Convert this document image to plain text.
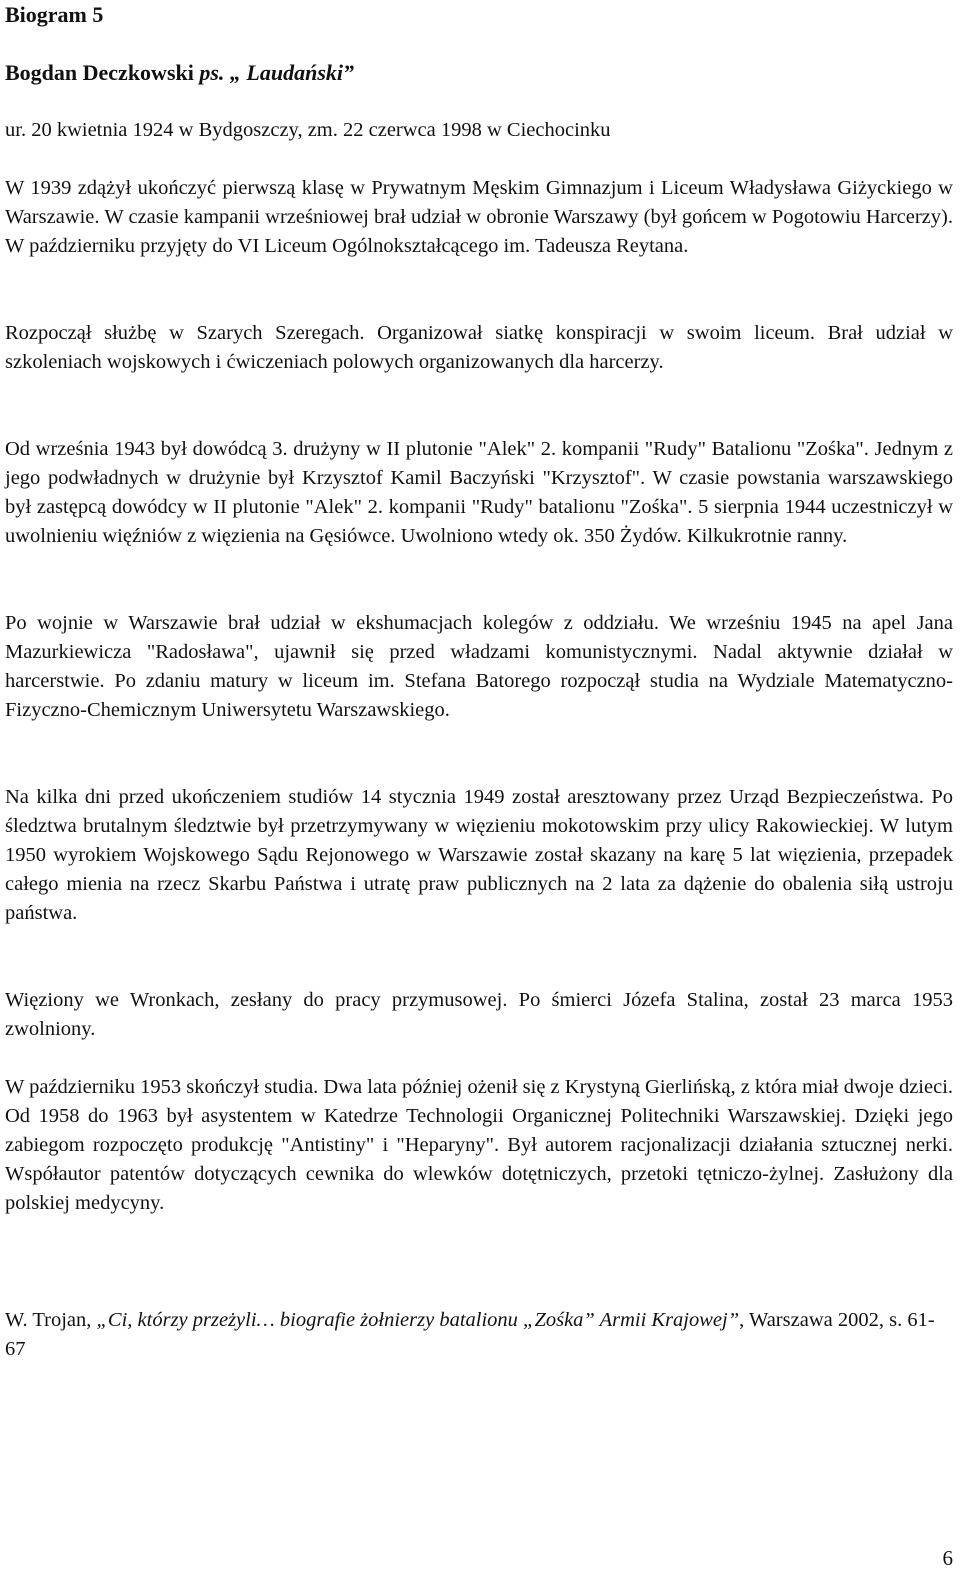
Biogram 5
Bogdan Deczkowski ps. „ Laudański”

ur. 20 kwietnia 1924 w Bydgoszczy, zm. 22 czerwca 1998 w Ciechocinku

W 1939 zdążył ukończyć pierwszą klasę w Prywatnym Męskim Gimnazjum i Liceum Władysława Giżyckiego w Warszawie. W czasie kampanii wrześniowej brał udział w obronie Warszawy (był gońcem w Pogotowiu Harcerzy). W październiku przyjęty do VI Liceum Ogólnokształcącego im. Tadeusza Reytana.

Rozpoczął służbę w Szarych Szeregach. Organizował siatkę konspiracji w swoim liceum. Brał udział w szkoleniach wojskowych i ćwiczeniach polowych organizowanych dla harcerzy.

Od września 1943 był dowódcą 3. drużyny w II plutonie "Alek" 2. kompanii "Rudy" Batalionu "Zośka". Jednym z jego podwładnych w drużynie był Krzysztof Kamil Baczyński "Krzysztof". W czasie powstania warszawskiego był zastępcą dowódcy w II plutonie "Alek" 2. kompanii "Rudy" batalionu "Zośka". 5 sierpnia 1944 uczestniczył w uwolnieniu więźniów z więzienia na Gęsiówce. Uwolniono wtedy ok. 350 Żydów. Kilkukrotnie ranny.

Po wojnie w Warszawie brał udział w ekshumacjach kolegów z oddziału. We wrześniu 1945 na apel Jana Mazurkiewicza "Radosława", ujawnił się przed władzami komunistycznymi. Nadal aktywnie działał w harcerstwie. Po zdaniu matury w liceum im. Stefana Batorego rozpoczął studia na Wydziale Matematyczno-Fizyczno-Chemicznym Uniwersytetu Warszawskiego.

Na kilka dni przed ukończeniem studiów 14 stycznia 1949 został aresztowany przez Urząd Bezpieczeństwa. Po śledztwa brutalnym śledztwie był przetrzymywany w więzieniu mokotowskim przy ulicy Rakowieckiej. W lutym 1950 wyrokiem Wojskowego Sądu Rejonowego w Warszawie został skazany na karę 5 lat więzienia, przepadek całego mienia na rzecz Skarbu Państwa i utratę praw publicznych na 2 lata za dążenie do obalenia siłą ustroju państwa.

Więziony we Wronkach, zesłany do pracy przymusowej. Po śmierci Józefa Stalina, został 23 marca 1953 zwolniony.

W październiku 1953 skończył studia. Dwa lata później ożenił się z Krystyną Gierlińską, z która miał dwoje dzieci. Od 1958 do 1963 był asystentem w Katedrze Technologii Organicznej Politechniki Warszawskiej. Dzięki jego zabiegom rozpoczęto produkcję "Antistiny" i "Heparyny". Był autorem racjonalizacji działania sztucznej nerki. Współautor patentów dotyczących cewnika do wlewków dotętniczych, przetoki tętniczo-żylnej. Zasłużony dla polskiej medycyny.

W. Trojan, „Ci, którzy przeżyli… biografie żołnierzy batalionu „Zośka” Armii Krajowej”, Warszawa 2002, s. 61-67

6
